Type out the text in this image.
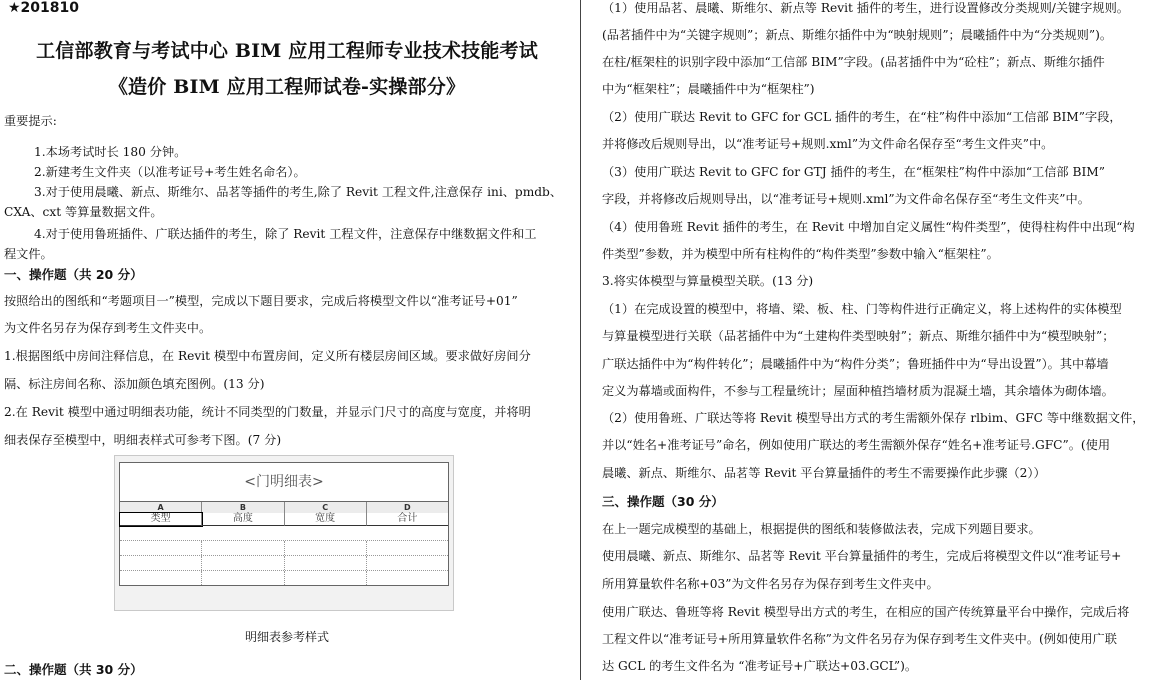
★201810
工信部教育与考试中心 BIM 应用工程师专业技术技能考试
《造价 BIM 应用工程师试卷-实操部分》
重要提示:
1.本场考试时长 180 分钟。
2.新建考生文件夹（以准考证号+考生姓名命名）。
3.对于使用晨曦、新点、斯维尔、品茗等插件的考生,除了 Revit 工程文件,注意保存 ini、pmdb、
CXA、cxt 等算量数据文件。
4.对于使用鲁班插件、广联达插件的考生，除了 Revit 工程文件，注意保存中继数据文件和工
程文件。
一、操作题（共 20 分）
按照给出的图纸和“考题项目一”模型，完成以下题目要求，完成后将模型文件以“准考证号+01”
为文件名另存为保存到考生文件夹中。
1.根据图纸中房间注释信息，在 Revit 模型中布置房间，定义所有楼层房间区域。要求做好房间分
隔、标注房间名称、添加颜色填充图例。(13 分)
2.在 Revit 模型中通过明细表功能，统计不同类型的门数量，并显示门尺寸的高度与宽度，并将明
细表保存至模型中，明细表样式可参考下图。(7 分)
<门明细表>
A	B	C	D
类型	高度	宽度	合计
明细表参考样式
二、操作题（共 30 分）
（1）使用品茗、晨曦、斯维尔、新点等 Revit 插件的考生，进行设置修改分类规则/关键字规则。
(品茗插件中为“关键字规则”；新点、斯维尔插件中为“映射规则”；晨曦插件中为“分类规则”)。
在柱/框架柱的识别字段中添加“工信部 BIM”字段。(品茗插件中为“砼柱”；新点、斯维尔插件
中为“框架柱”；晨曦插件中为“框架柱”)
（2）使用广联达 Revit to GFC for GCL 插件的考生，在“柱”构件中添加“工信部 BIM”字段，
并将修改后规则导出，以“准考证号+规则.xml”为文件命名保存至“考生文件夹”中。
（3）使用广联达 Revit to GFC for GTJ 插件的考生，在“框架柱”构件中添加“工信部 BIM”
字段，并将修改后规则导出，以“准考证号+规则.xml”为文件命名保存至“考生文件夹”中。
（4）使用鲁班 Revit 插件的考生，在 Revit 中增加自定义属性“构件类型”，使得柱构件中出现“构
件类型”参数，并为模型中所有柱构件的“构件类型”参数中输入“框架柱”。
3.将实体模型与算量模型关联。(13 分)
（1）在完成设置的模型中，将墙、梁、板、柱、门等构件进行正确定义，将上述构件的实体模型
与算量模型进行关联（品茗插件中为“土建构件类型映射”；新点、斯维尔插件中为“模型映射”；
广联达插件中为“构件转化”；晨曦插件中为“构件分类”；鲁班插件中为“导出设置”）。其中幕墙
定义为幕墙或面构件，不参与工程量统计；屋面种植挡墙材质为混凝土墙，其余墙体为砌体墙。
（2）使用鲁班、广联达等将 Revit 模型导出方式的考生需额外保存 rlbim、GFC 等中继数据文件，
并以“姓名+准考证号”命名，例如使用广联达的考生需额外保存“姓名+准考证号.GFC”。(使用
晨曦、新点、斯维尔、品茗等 Revit 平台算量插件的考生不需要操作此步骤（2））
三、操作题（30 分）
在上一题完成模型的基础上，根据提供的图纸和装修做法表，完成下列题目要求。
使用晨曦、新点、斯维尔、品茗等 Revit 平台算量插件的考生，完成后将模型文件以“准考证号+
所用算量软件名称+03”为文件名另存为保存到考生文件夹中。
使用广联达、鲁班等将 Revit 模型导出方式的考生，在相应的国产传统算量平台中操作，完成后将
工程文件以“准考证号+所用算量软件名称”为文件名另存为保存到考生文件夹中。(例如使用广联
达 GCL 的考生文件名为 “准考证号+广联达+03.GCL”)。
